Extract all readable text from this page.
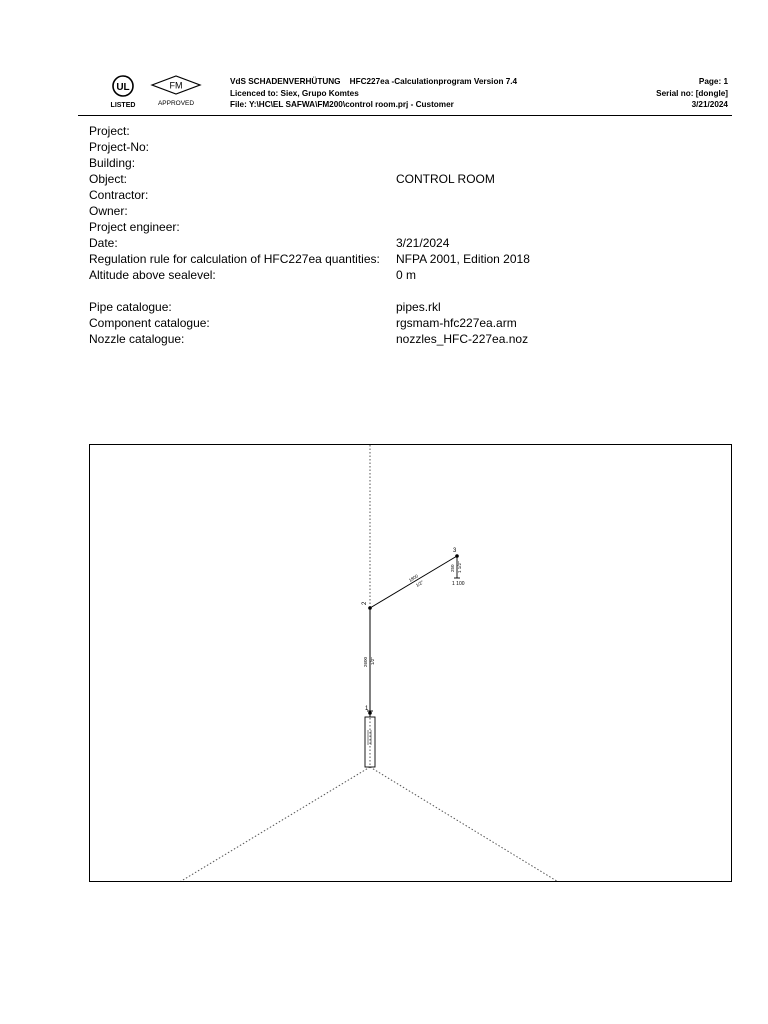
UL
LISTED
FM
APPROVED
VdS SCHADENVERHÜTUNG HFC227ea -Calculationprogram Version 7.4
Licenced to: Siex, Grupo Komtes
File: Y:\HC\EL SAFWA\FM200\control room.prj - Customer
Page: 1
Serial no: [dongle]
3/21/2024
Project:
Project-No:
Building:
Object:	CONTROL ROOM
Contractor:
Owner:
Project engineer:
Date:	3/21/2024
Regulation rule for calculation of HFC227ea quantities: NFPA 2001, Edition 2018
Altitude above sealevel:	0 m
Pipe catalogue:	pipes.rkl
Component catalogue:	rgsmam-hfc227ea.arm
Nozzle catalogue:	nozzles_HFC-227ea.noz
1
2
3
2600 1/2"
1800
1/2"
250 1 1/2"
1 100
